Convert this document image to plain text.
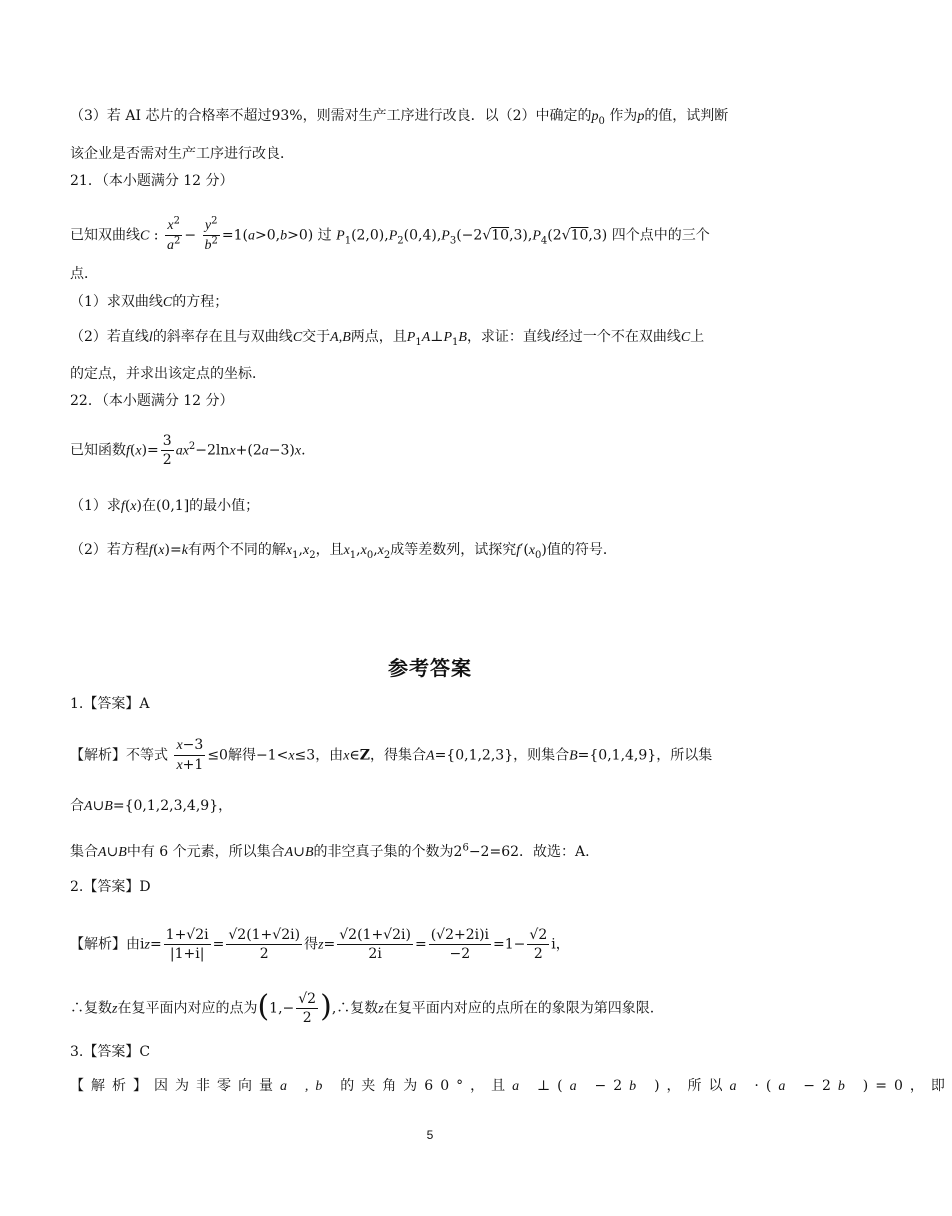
（3）若 AI 芯片的合格率不超过93%，则需对生产工序进行改良．以（2）中确定的$p_0$ 作为p的值，试判断
该企业是否需对生产工序进行改良．
21．（本小题满分 12 分）
已知双曲线C : $\frac{x^2}{a^2} - \frac{y^2}{b^2} =1(a>0,b>0)$ 过 $P_1(2,0),P_2(0,4),P_3(-2√10,3),P_4(2√10,3)$ 四个点中的三个
点．
（1）求双曲线C的方程；
（2）若直线l的斜率存在且与双曲线C交于A,B两点，且$P_1A\perp P_1B$，求证：直线l经过一个不在双曲线C上
的定点，并求出该定点的坐标．
22．（本小题满分 12 分）
已知函数$f(x)= \frac{3}{2} ax^2-2\ln x+(2a-3)x$.
（1）求f(x)在(0,1]的最小值；
（2）若方程f(x)=k有两个不同的解$x_1,x_2$，且$x_1,x_0,x_2$成等差数列，试探究$f'(x_0)$值的符号．
参考答案
1.【答案】A
【解析】不等式 $\frac{x-3}{x+1} \le 0$解得−1<x≤3，由x∈Z，得集合A={0,1,2,3}，则集合B={0,1,4,9}，所以集
合A∪B={0,1,2,3,4,9}，
集合A∪B中有 6 个元素，所以集合A∪B的非空真子集的个数为$2^6-2=62$．故选：A.
2.【答案】D
【解析】由$iz= \frac{1+√2i}{|1+i|} = \frac{√2(1+√2i)}{2}$ 得$z= \frac{√2(1+√2i)}{2i} = \frac{(√2+2i)i}{-2} =1- \frac{√2}{2}$ i，
∴复数z在复平面内对应的点为($1,- \frac{√2}{2}$ ),∴复数z在复平面内对应的点所在的象限为第四象限.
3.【答案】C
【解析】因为非零向量a⃗,b⃗的夹角为60°，且a⃗⊥(a⃗−2b⃗)，所以a⃗·(a⃗−2b⃗)=0，即
5
